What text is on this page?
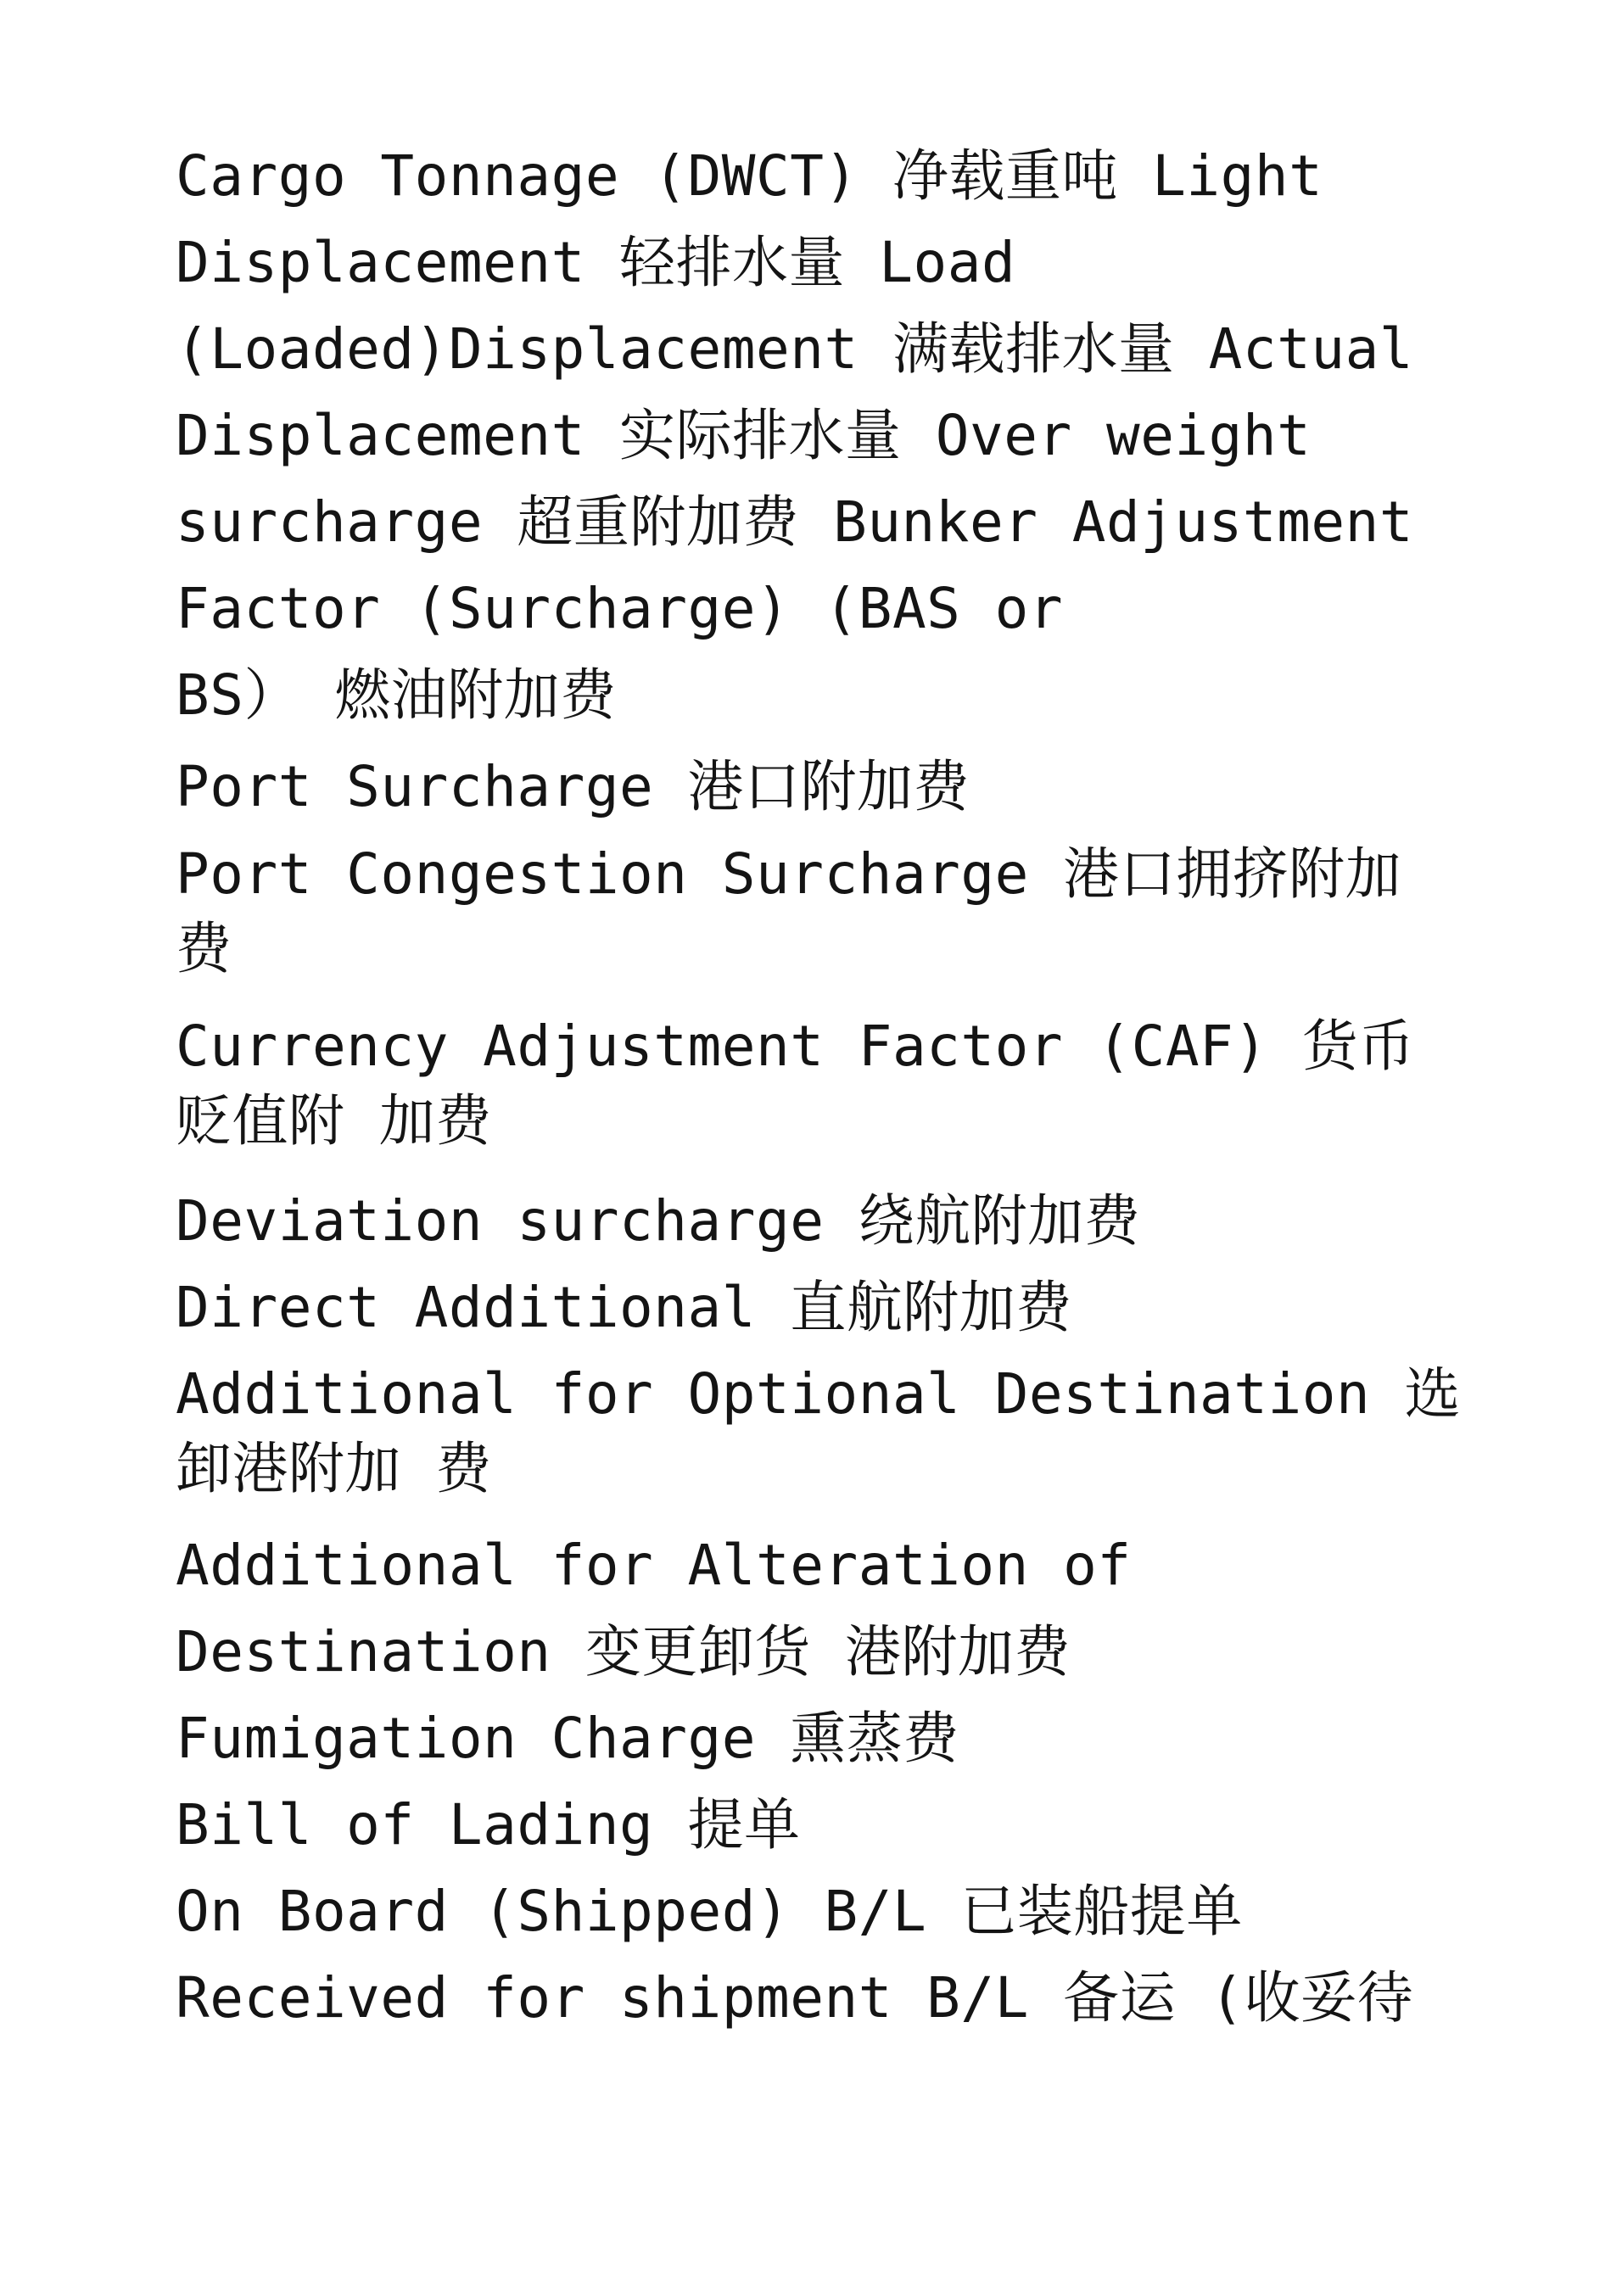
Cargo Tonnage (DWCT) 净载重吨 Light

Displacement 轻排水量 Load

(Loaded)Displacement 满载排水量 Actual

Displacement 实际排水量 Over weight

surcharge 超重附加费 Bunker Adjustment

Factor (Surcharge) (BAS or

BS） 燃油附加费

Port Surcharge 港口附加费

Port Congestion Surcharge 港口拥挤附加

费

Currency Adjustment Factor (CAF) 货币

贬值附 加费

Deviation surcharge 绕航附加费

Direct Additional 直航附加费

Additional for Optional Destination 选

卸港附加 费

Additional for Alteration of

Destination 变更卸货 港附加费

Fumigation Charge 熏蒸费

Bill of Lading 提单

On Board (Shipped) B/L 已装船提单

Received for shipment B/L 备运 (收妥待
